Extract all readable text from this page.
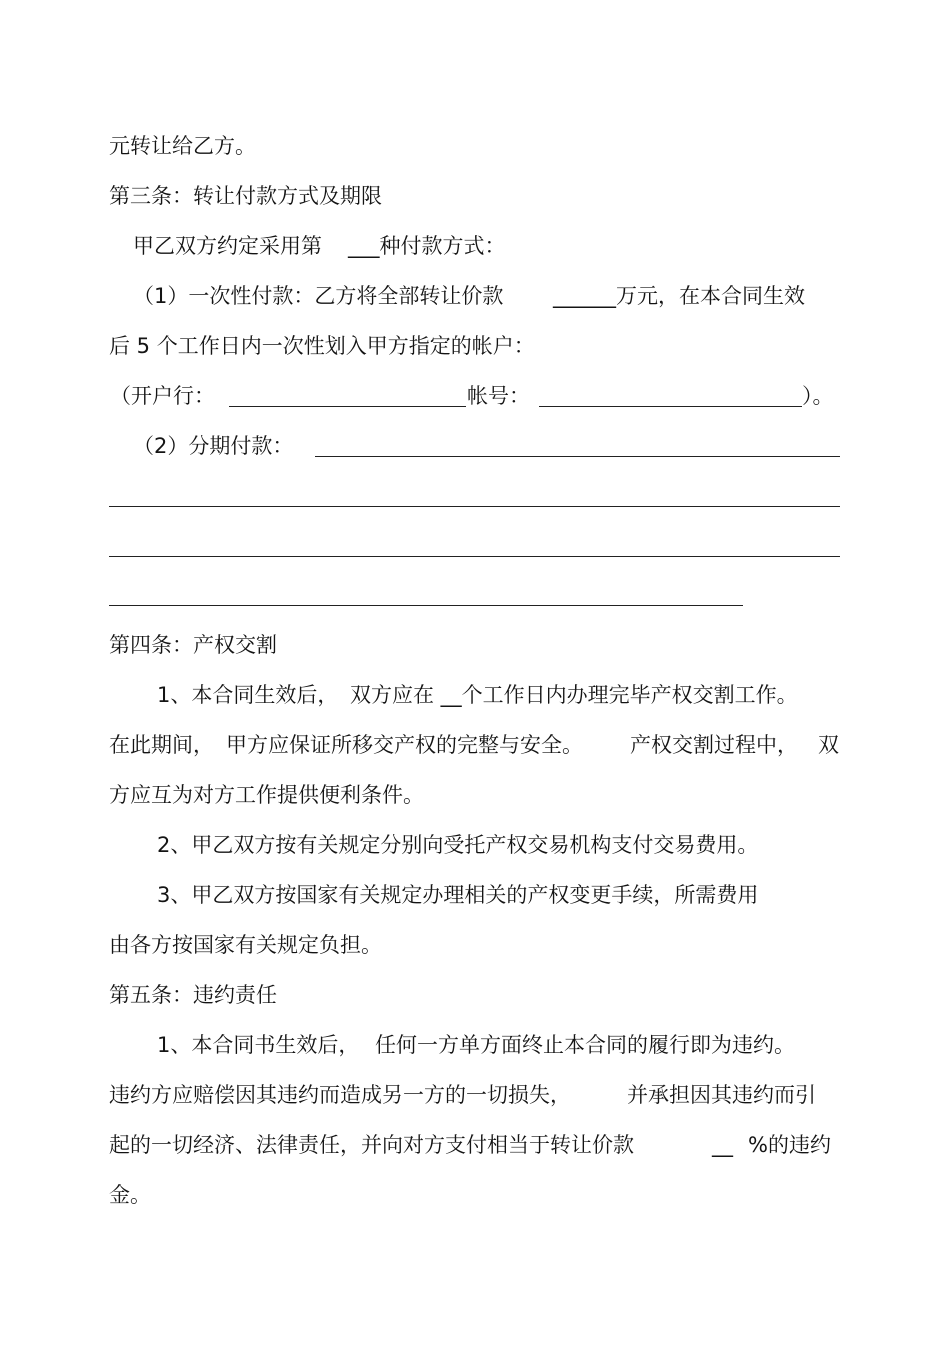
元转让给乙方。
第三条：转让付款方式及期限
甲乙双方约定采用第 ___种付款方式：
（1）一次性付款：乙方将全部转让价款 ______万元，在本合同生效
后 5 个工作日内一次性划入甲方指定的帐户：
（开户行：	帐号：	）。
（2）分期付款：
第四条：产权交割
1、本合同生效后， 双方应在 __个工作日内办理完毕产权交割工作。
在此期间， 甲方应保证所移交产权的完整与安全。 产权交割过程中， 双
方应互为对方工作提供便利条件。
2、甲乙双方按有关规定分别向受托产权交易机构支付交易费用。
3、甲乙双方按国家有关规定办理相关的产权变更手续，所需费用
由各方按国家有关规定负担。
第五条：违约责任
1、本合同书生效后， 任何一方单方面终止本合同的履行即为违约。
违约方应赔偿因其违约而造成另一方的一切损失，	并承担因其违约而引
起的一切经济、法律责任，并向对方支付相当于转让价款	__ %的违约
金。
